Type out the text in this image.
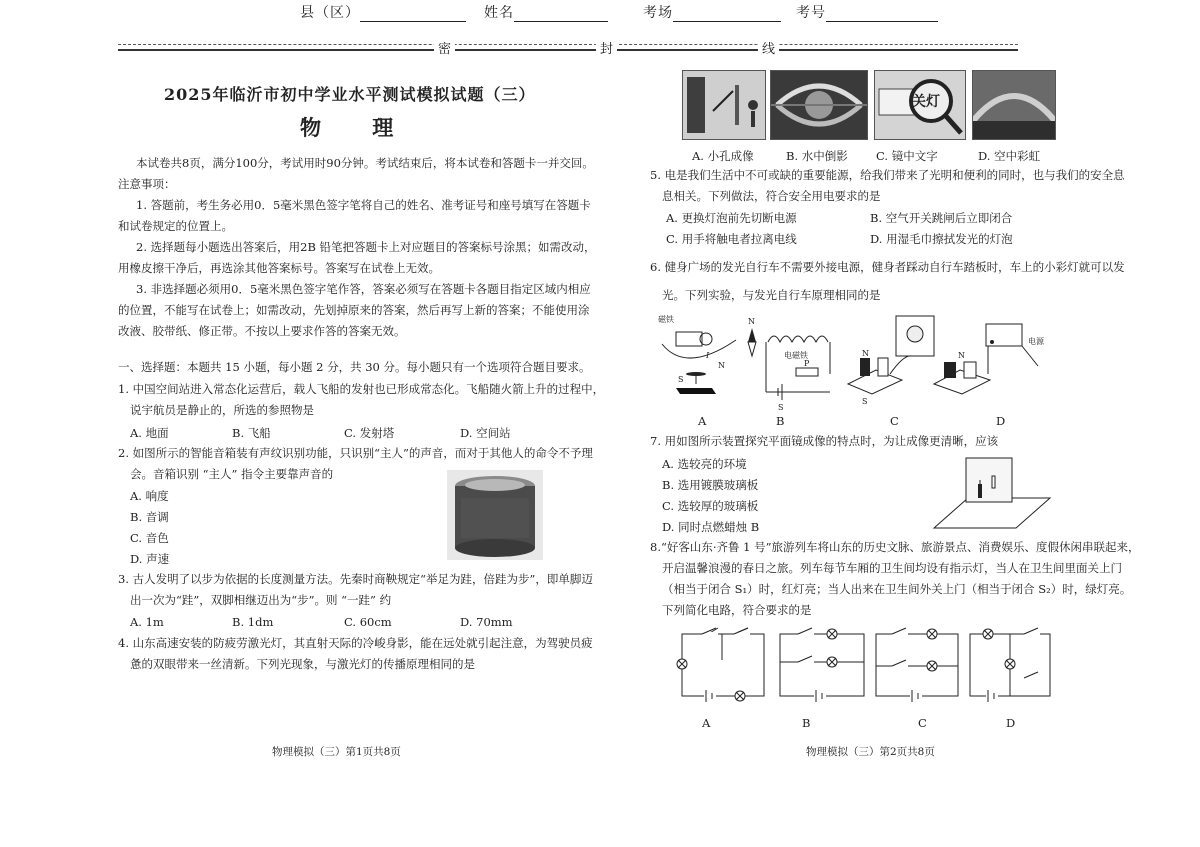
县（区）	姓名	考场	考号
密	封	线
2025年临沂市初中学业水平测试模拟试题（三）
物 理
本试卷共8页，满分100分，考试用时90分钟。考试结束后，将本试卷和答题卡一并交回。
注意事项：
1. 答题前，考生务必用0．5毫米黑色签字笔将自己的姓名、准考证号和座号填写在答题卡
和试卷规定的位置上。
2. 选择题每小题选出答案后，用2B 铅笔把答题卡上对应题目的答案标号涂黑；如需改动，
用橡皮擦干净后，再选涂其他答案标号。答案写在试卷上无效。
3. 非选择题必须用0．5毫米黑色签字笔作答，答案必须写在答题卡各题目指定区域内相应
的位置，不能写在试卷上；如需改动，先划掉原来的答案，然后再写上新的答案；不能使用涂
改液、胶带纸、修正带。不按以上要求作答的答案无效。
一、选择题：本题共 15 小题，每小题 2 分，共 30 分。每小题只有一个选项符合题目要求。
1. 中国空间站进入常态化运营后，载人飞船的发射也已形成常态化。飞船随火箭上升的过程中，
说宇航员是静止的，所选的参照物是
A. 地面	B. 飞船	C. 发射塔	D. 空间站
2. 如图所示的智能音箱装有声纹识别功能，只识别“主人”的声音，而对于其他人的命令不予理
会。音箱识别 “主人” 指令主要靠声音的
A. 响度
B. 音调
C. 音色
D. 声速
3. 古人发明了以步为依据的长度测量方法。先秦时商鞅规定“举足为跬，倍跬为步”，即单脚迈
出一次为“跬”，双脚相继迈出为“步”。则 “一跬” 约
A. 1m	B. 1dm	C. 60cm	D. 70mm
4. 山东高速安装的防疲劳激光灯，其直射天际的冷峻身影，能在远处就引起注意，为驾驶员疲
惫的双眼带来一丝清新。下列光现象，与激光灯的传播原理相同的是
物理模拟（三）第1页共8页
关灯
A. 小孔成像	B. 水中倒影 C. 镜中文字	D. 空中彩虹
5. 电是我们生活中不可或缺的重要能源，给我们带来了光明和便利的同时，也与我们的安全息
息相关。下列做法，符合安全用电要求的是
A. 更换灯泡前先切断电源	B. 空气开关跳闸后立即闭合
C. 用手将触电者拉离电线	D. 用湿毛巾擦拭发光的灯泡
6. 健身广场的发光自行车不需要外接电源，健身者踩动自行车踏板时，车上的小彩灯就可以发
光。下列实验，与发光自行车原理相同的是
I
S
N
磁铁	N
S
P
电磁铁	N
S
N
电源
A	B	C	D
7. 用如图所示装置探究平面镜成像的特点时，为让成像更清晰，应该
A. 选较亮的环境
B. 选用镀膜玻璃板
C. 选较厚的玻璃板
D. 同时点燃蜡烛 B
8.“好客山东·齐鲁 1 号”旅游列车将山东的历史文脉、旅游景点、消费娱乐、度假休闲串联起来，
开启温馨浪漫的春日之旅。列车每节车厢的卫生间均设有指示灯，当人在卫生间里面关上门
（相当于闭合 S₁）时，红灯亮；当人出来在卫生间外关上门（相当于闭合 S₂）时，绿灯亮。
下列简化电路，符合要求的是
A	B	C	D
物理模拟（三）第2页共8页
